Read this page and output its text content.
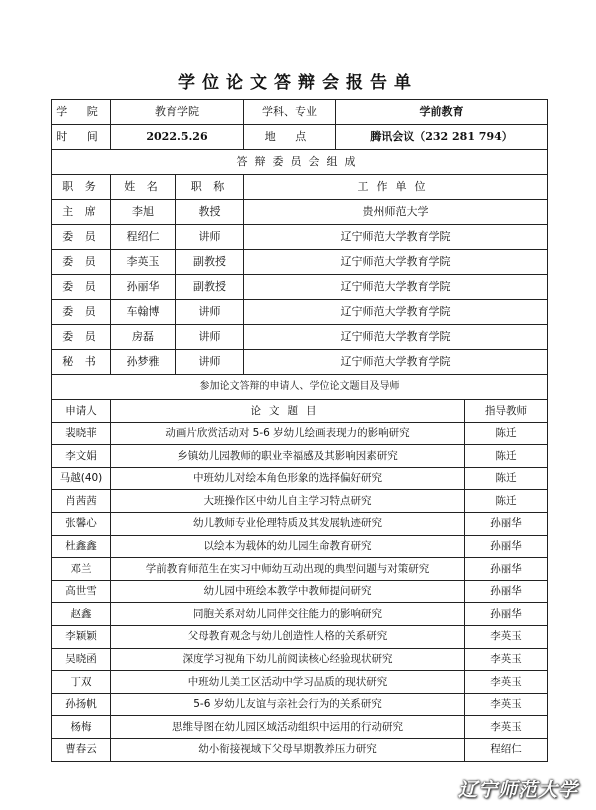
学位论文答辩会报告单
学 院	教育学院		学科、专业	学前教育	
时 间	2022.5.26		地 点	腾讯会议（232 281 794）	
答辩委员会组成					
职 务	姓 名	职 称	工作单位		
主 席	李旭	教授	贵州师范大学		
委 员	程绍仁	讲师	辽宁师范大学教育学院		
委 员	李英玉	副教授	辽宁师范大学教育学院		
委 员	孙丽华	副教授	辽宁师范大学教育学院		
委 员	车翰博	讲师	辽宁师范大学教育学院		
委 员	房磊	讲师	辽宁师范大学教育学院		
秘 书	孙梦雅	讲师	辽宁师范大学教育学院		
参加论文答辩的申请人、学位论文题目及导师					
申请人	论文题目				指导教师
裴晓菲	动画片欣赏活动对 5-6 岁幼儿绘画表现力的影响研究				陈迁
李文娟	乡镇幼儿园教师的职业幸福感及其影响因素研究				陈迁
马越(40)	中班幼儿对绘本角色形象的选择偏好研究				陈迁
肖茜茜	大班操作区中幼儿自主学习特点研究				陈迁
张馨心	幼儿教师专业伦理特质及其发展轨迹研究				孙丽华
杜鑫鑫	以绘本为载体的幼儿园生命教育研究				孙丽华
邓兰	学前教育师范生在实习中师幼互动出现的典型问题与对策研究				孙丽华
高世雪	幼儿园中班绘本教学中教师提问研究				孙丽华
赵鑫	同胞关系对幼儿同伴交往能力的影响研究				孙丽华
李颖颖	父母教育观念与幼儿创造性人格的关系研究				李英玉
吴晓函	深度学习视角下幼儿前阅读核心经验现状研究				李英玉
丁双	中班幼儿美工区活动中学习品质的现状研究				李英玉
孙扬帆	5-6 岁幼儿友谊与亲社会行为的关系研究				李英玉
杨梅	思维导图在幼儿园区域活动组织中运用的行动研究				李英玉
曹春云	幼小衔接视域下父母早期教养压力研究				程绍仁
辽宁师范大学
